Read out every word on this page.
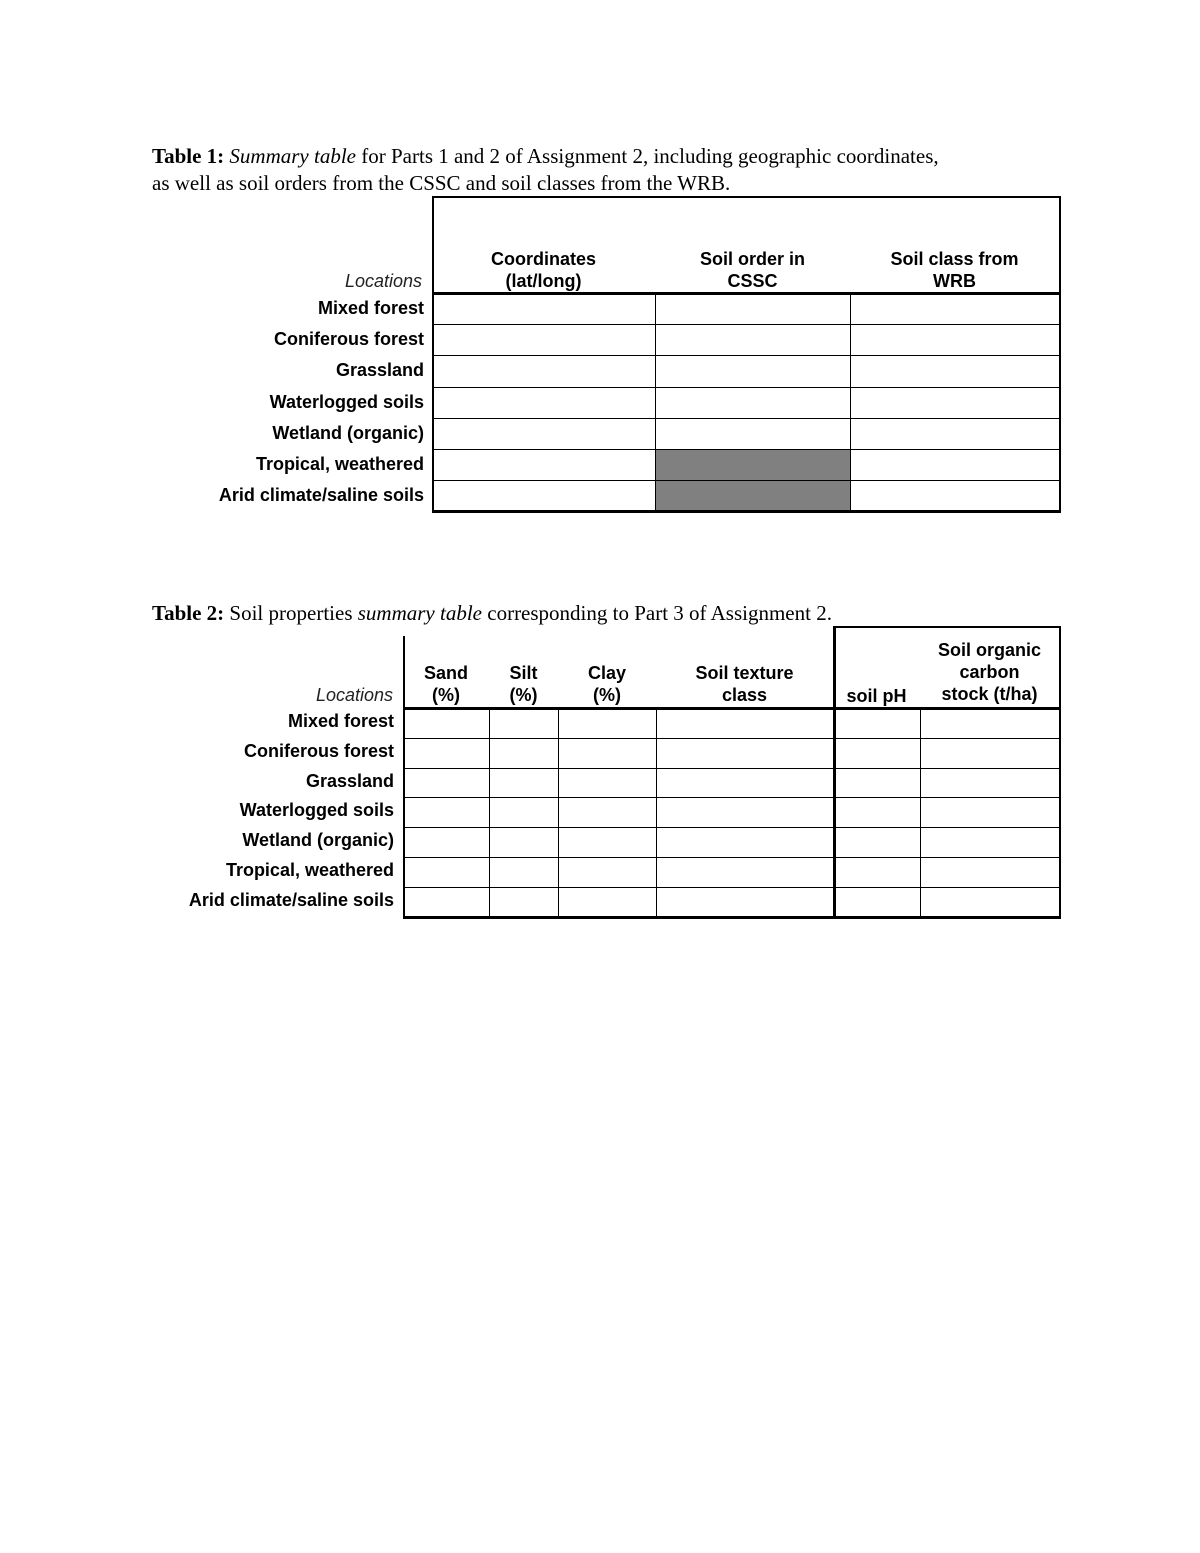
Table 1: Summary table for Parts 1 and 2 of Assignment 2, including geographic coordinates,

as well as soil orders from the CSSC and soil classes from the WRB.

Coordinates
(lat/long)
Soil order in
CSSC
Soil class from
WRB
Locations
Mixed forest
Coniferous forest
Grassland
Waterlogged soils
Wetland (organic)
Tropical, weathered
Arid climate/saline soils

Table 2: Soil properties summary table corresponding to Part 3 of Assignment 2.

Sand
(%)
Silt
(%)
Clay
(%)
Soil texture
class	soil pH
Soil organic
carbon
stock (t/ha)
Locations
Mixed forest
Coniferous forest
Grassland
Waterlogged soils
Wetland (organic)
Tropical, weathered
Arid climate/saline soils
